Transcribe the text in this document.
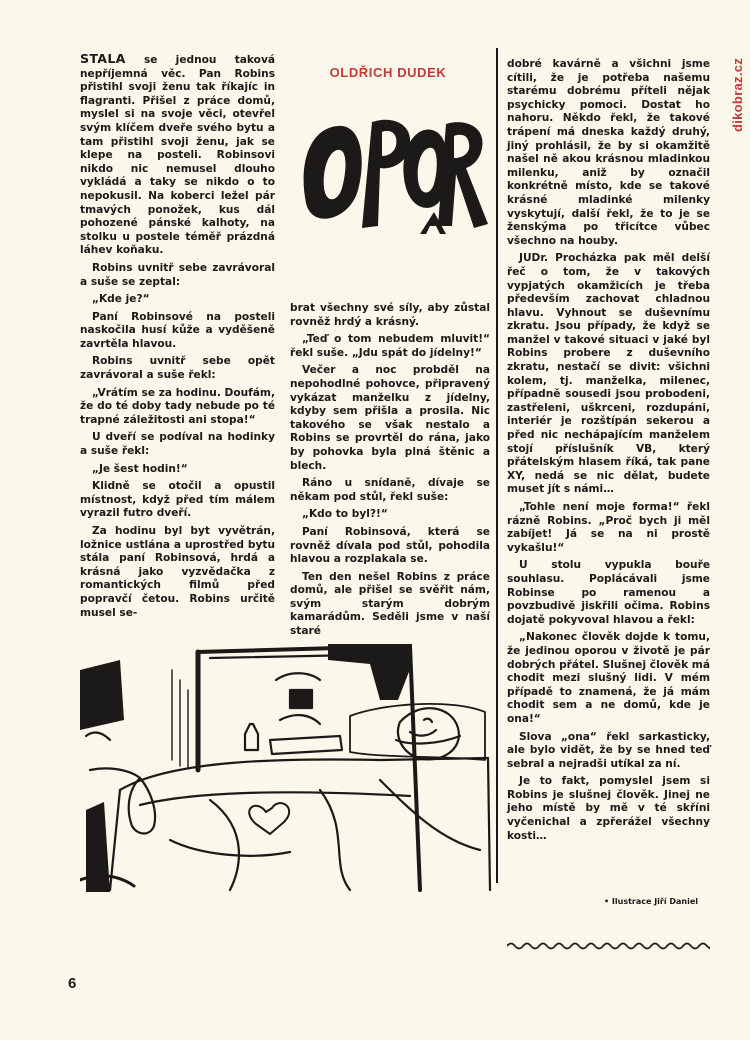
dikobraz.cz

STALA se jednou taková nepříjemná věc. Pan Robins přistihl svoji ženu tak říkajíc in flagranti. Přišel z práce domů, myslel si na svoje věci, otevřel svým klíčem dveře svého bytu a tam přistihl svoji ženu, jak se klepe na posteli. Robinsovi nikdo nic nemusel dlouho vykládá a taky se nikdo o to nepokusil. Na koberci ležel pár tmavých ponožek, kus dál pohozené pánské kalhoty, na stolku u postele téměř prázdná láhev koňaku.

Robins uvnitř sebe zavrávoral a suše se zeptal:

„Kde je?“

Paní Robinsové na posteli naskočila husí kůže a vyděšeně zavrtěla hlavou.

Robins uvnitř sebe opět zavrávoral a suše řekl:

„Vrátím se za hodinu. Doufám, že do té doby tady nebude po té trapné záležitosti ani stopa!“

U dveří se podíval na hodinky a suše řekl:

„Je šest hodin!“

Klidně se otočil a opustil místnost, když před tím málem vyrazil futro dveří.

Za hodinu byl byt vyvětrán, ložnice ustlána a uprostřed bytu stála paní Robinsová, hrdá a krásná jako vyzvědačka z romantických filmů před popravčí četou. Robins určitě musel se-

OLDŘICH DUDEK

brat všechny své síly, aby zůstal rovněž hrdý a krásný.

„Teď o tom nebudem mluvit!“ řekl suše. „Jdu spát do jídelny!“

Večer a noc probděl na nepohodlné pohovce, připravený vykázat manželku z jídelny, kdyby sem přišla a prosila. Nic takového se však nestalo a Robins se provrtěl do rána, jako by pohovka byla plná štěnic a blech.

Ráno u snídaně, dívaje se někam pod stůl, řekl suše:

„Kdo to byl?!“

Paní Robinsová, která se rovněž dívala pod stůl, pohodila hlavou a rozplakala se.

Ten den nešel Robins z práce domů, ale přišel se svěřit nám, svým starým dobrým kamarádům. Seděli jsme v naší staré

dobré kavárně a všichni jsme cítili, že je potřeba našemu starému dobrému příteli nějak psychicky pomoci. Dostat ho nahoru. Někdo řekl, že takové trápení má dneska každý druhý, jiný prohlásil, že by si okamžitě našel ně akou krásnou mladinkou milenku, aniž by označil konkrétně místo, kde se takové krásné mladinké milenky vyskytují, další řekl, že to je se ženskýma po třicítce vůbec všechno na houby.

JUDr. Procházka pak měl delší řeč o tom, že v takových vypjatých okamžicích je třeba především zachovat chladnou hlavu. Vyhnout se duševnímu zkratu. Jsou případy, že když se manžel v takové situaci v jaké byl Robins probere z duševního zkratu, nestačí se divit: všichni kolem, tj. manželka, milenec, případně sousedi jsou probodeni, zastřeleni, uškrceni, rozdupáni, interiér je rozštípán sekerou a před nic nechápajícím manželem stojí příslušník VB, který přátelským hlasem říká, tak pane XY, nedá se nic dělat, budete muset jít s námi…

„Tohle není moje forma!“ řekl rázně Robins. „Proč bych ji měl zabíjet! Já se na ni prostě vykašlu!“

U stolu vypukla bouře souhlasu. Poplácávali jsme Robinse po ramenou a povzbudivě jiskřili očima. Robins dojatě pokyvoval hlavou a řekl:

„Nakonec člověk dojde k tomu, že jedinou oporou v životě je pár dobrých přátel. Slušnej člověk má chodit mezi slušný lidi. V mém případě to znamená, že já mám chodit sem a ne domů, kde je ona!“

Slova „ona“ řekl sarkasticky, ale bylo vidět, že by se hned teď sebral a nejradši utíkal za ní.

Je to fakt, pomyslel jsem si Robins je slušnej člověk. Jinej ne jeho místě by mě v té skříni vyčenichal a zpřerážel všechny kosti…

• Ilustrace Jiří Daniel
6
